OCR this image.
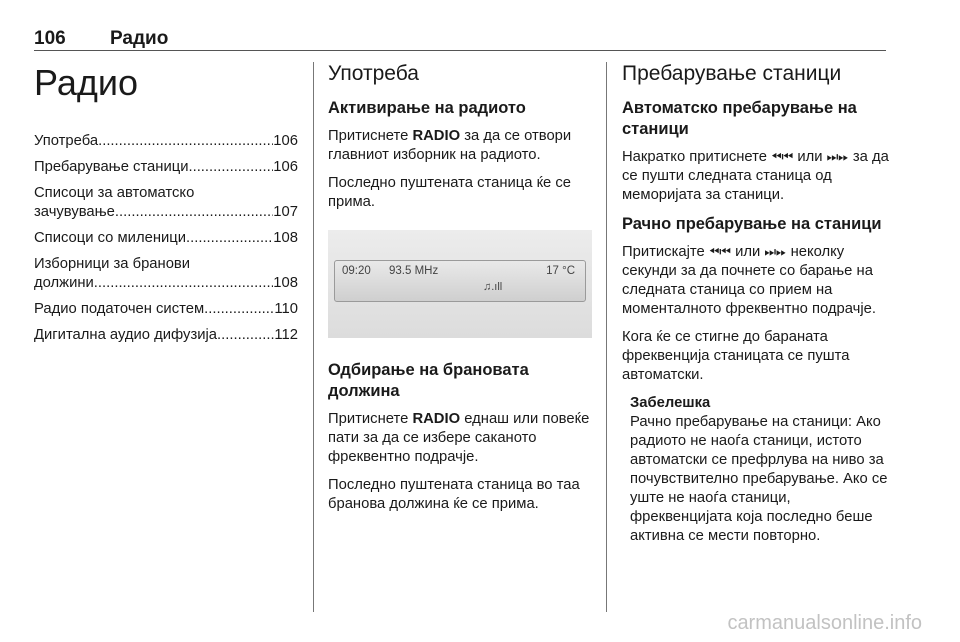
106 Радио
Радио
Употреба .....	106
Пребарување станици .....	106
Списоци за автоматско
зачувување .....	107
Списоци со миленици .....	108
Изборници за бранови
должини .....	108
Радио податочен систем .....	110
Дигитална аудио дифузија .....	112
Употреба
Активирање на радиото

Притиснете RADIO за да се отвори главниот изборник на радиото.

Последно пуштената станица ќе се прима.

09:20 93.5 MHz	17 °C
♫.ıll
Одбирање на брановата должина

Притиснете RADIO еднаш или повеќе пати за да се избере саканото фреквентно подрачје.

Последно пуштената станица во таа бранова должина ќе се прима.

Пребарување станици
Автоматско пребарување на станици

Накратко притиснете ⏪︎⏮︎ или ⏭︎⏩︎ за да се пушти следната станица од меморијата за станици.

Рачно пребарување на станици

Притискајте ⏪︎⏮︎ или ⏭︎⏩︎ неколку секунди за да почнете со барање на следната станица со прием на моменталното фреквентно подрачје.

Кога ќе се стигне до бараната фреквенција станицата се пушта автоматски.

Забелешка
Рачно пребарување на станици: Ако радиото не наоѓа станици, истото автоматски се префрлува на ниво за почувствително пребарување. Ако се уште не наоѓа станици, фреквенцијата која последно беше активна се мести повторно.
carmanualsonline.info
